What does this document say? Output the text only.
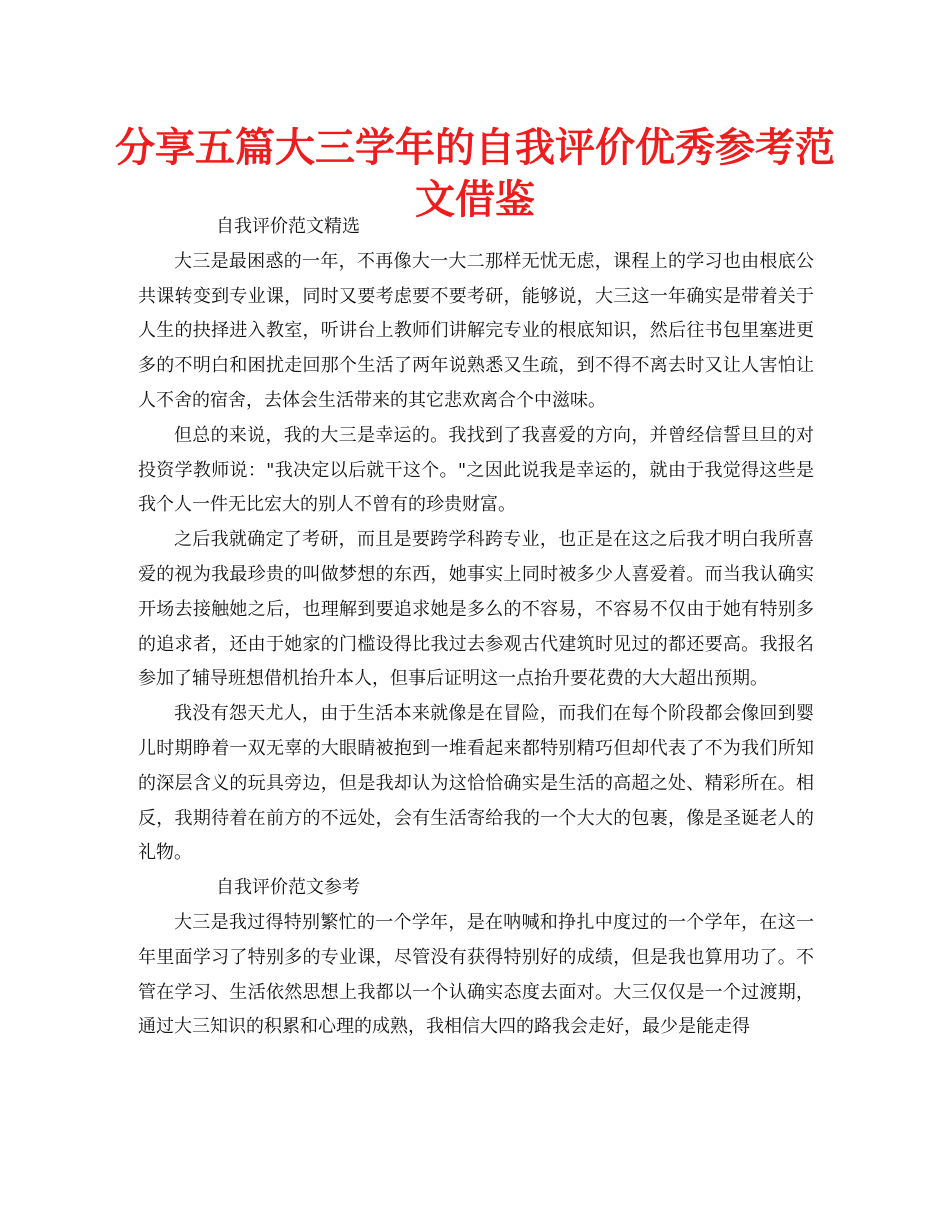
分享五篇大三学年的自我评价优秀参考范文借鉴

自我评价范文精选

大三是最困惑的一年，不再像大一大二那样无忧无虑，课程上的学习也由根底公共课转变到专业课，同时又要考虑要不要考研，能够说，大三这一年确实是带着关于人生的抉择进入教室，听讲台上教师们讲解完专业的根底知识，然后往书包里塞进更多的不明白和困扰走回那个生活了两年说熟悉又生疏，到不得不离去时又让人害怕让人不舍的宿舍，去体会生活带来的其它悲欢离合个中滋味。

但总的来说，我的大三是幸运的。我找到了我喜爱的方向，并曾经信誓旦旦的对投资学教师说："我决定以后就干这个。"之因此说我是幸运的，就由于我觉得这些是我个人一件无比宏大的别人不曾有的珍贵财富。

之后我就确定了考研，而且是要跨学科跨专业，也正是在这之后我才明白我所喜爱的视为我最珍贵的叫做梦想的东西，她事实上同时被多少人喜爱着。而当我认确实开场去接触她之后，也理解到要追求她是多么的不容易，不容易不仅由于她有特别多的追求者，还由于她家的门槛设得比我过去参观古代建筑时见过的都还要高。我报名参加了辅导班想借机抬升本人，但事后证明这一点抬升要花费的大大超出预期。

我没有怨天尤人，由于生活本来就像是在冒险，而我们在每个阶段都会像回到婴儿时期睁着一双无辜的大眼睛被抱到一堆看起来都特别精巧但却代表了不为我们所知的深层含义的玩具旁边，但是我却认为这恰恰确实是生活的高超之处、精彩所在。相反，我期待着在前方的不远处，会有生活寄给我的一个大大的包裹，像是圣诞老人的礼物。

自我评价范文参考

大三是我过得特别繁忙的一个学年，是在呐喊和挣扎中度过的一个学年，在这一年里面学习了特别多的专业课，尽管没有获得特别好的成绩，但是我也算用功了。不管在学习、生活依然思想上我都以一个认确实态度去面对。大三仅仅是一个过渡期，通过大三知识的积累和心理的成熟，我相信大四的路我会走好，最少是能走得
